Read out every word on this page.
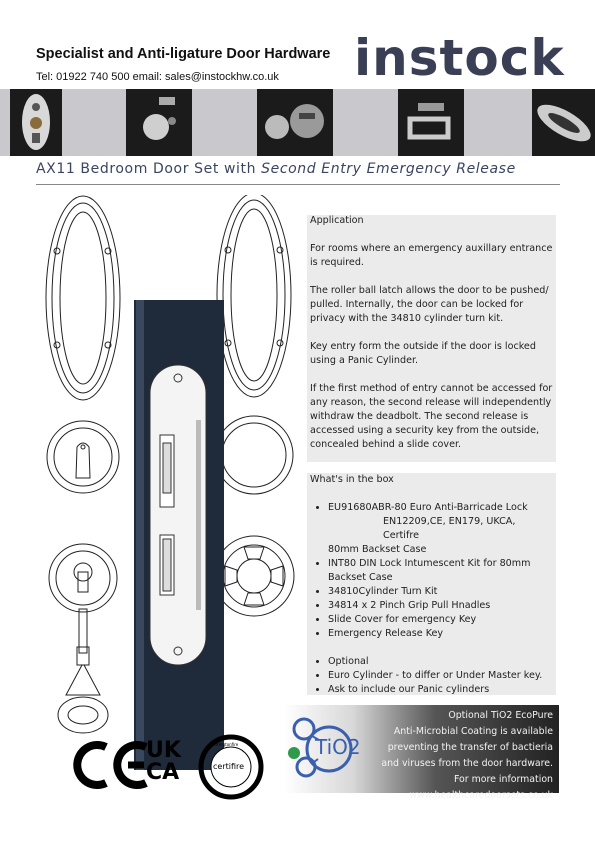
Specialist and Anti-ligature Door Hardware
Tel: 01922 740 500 email: sales@instockhw.co.uk instock
AX11 Bedroom Door Set with Second Entry Emergency Release
UK
CA	certifire
warringtonfire

Application

For rooms where an emergency auxillary entrance is required.

The roller ball latch allows the door to be pushed/ pulled. Internally, the door can be locked for privacy with the 34810 cylinder turn kit.

Key entry form the outside if the door is locked using a Panic Cylinder.

If the first method of entry cannot be accessed for any reason, the second release will independently withdraw the deadbolt. The second release is accessed using a security key from the outside, concealed behind a slide cover.

What's in the box

• EU91680ABR-80 Euro Anti-Barricade Lock
EN12209,CE, EN179, UKCA, Certifre
80mm Backset Case
• INT80 DIN Lock Intumescent Kit for 80mm Backset Case
• 34810Cylinder Turn Kit
• 34814 x 2 Pinch Grip Pull Hnadles
• Slide Cover for emergency Key
• Emergency Release Key
• Optional
• Euro Cylinder - to differ or Under Master key.
• Ask to include our Panic cylinders
TiO2
Optional TiO2 EcoPure
Anti-Microbial Coating is available
preventing the transfer of bactieria
and viruses from the door hardware.
For more information
www.healthcaredoorsets.co.uk
